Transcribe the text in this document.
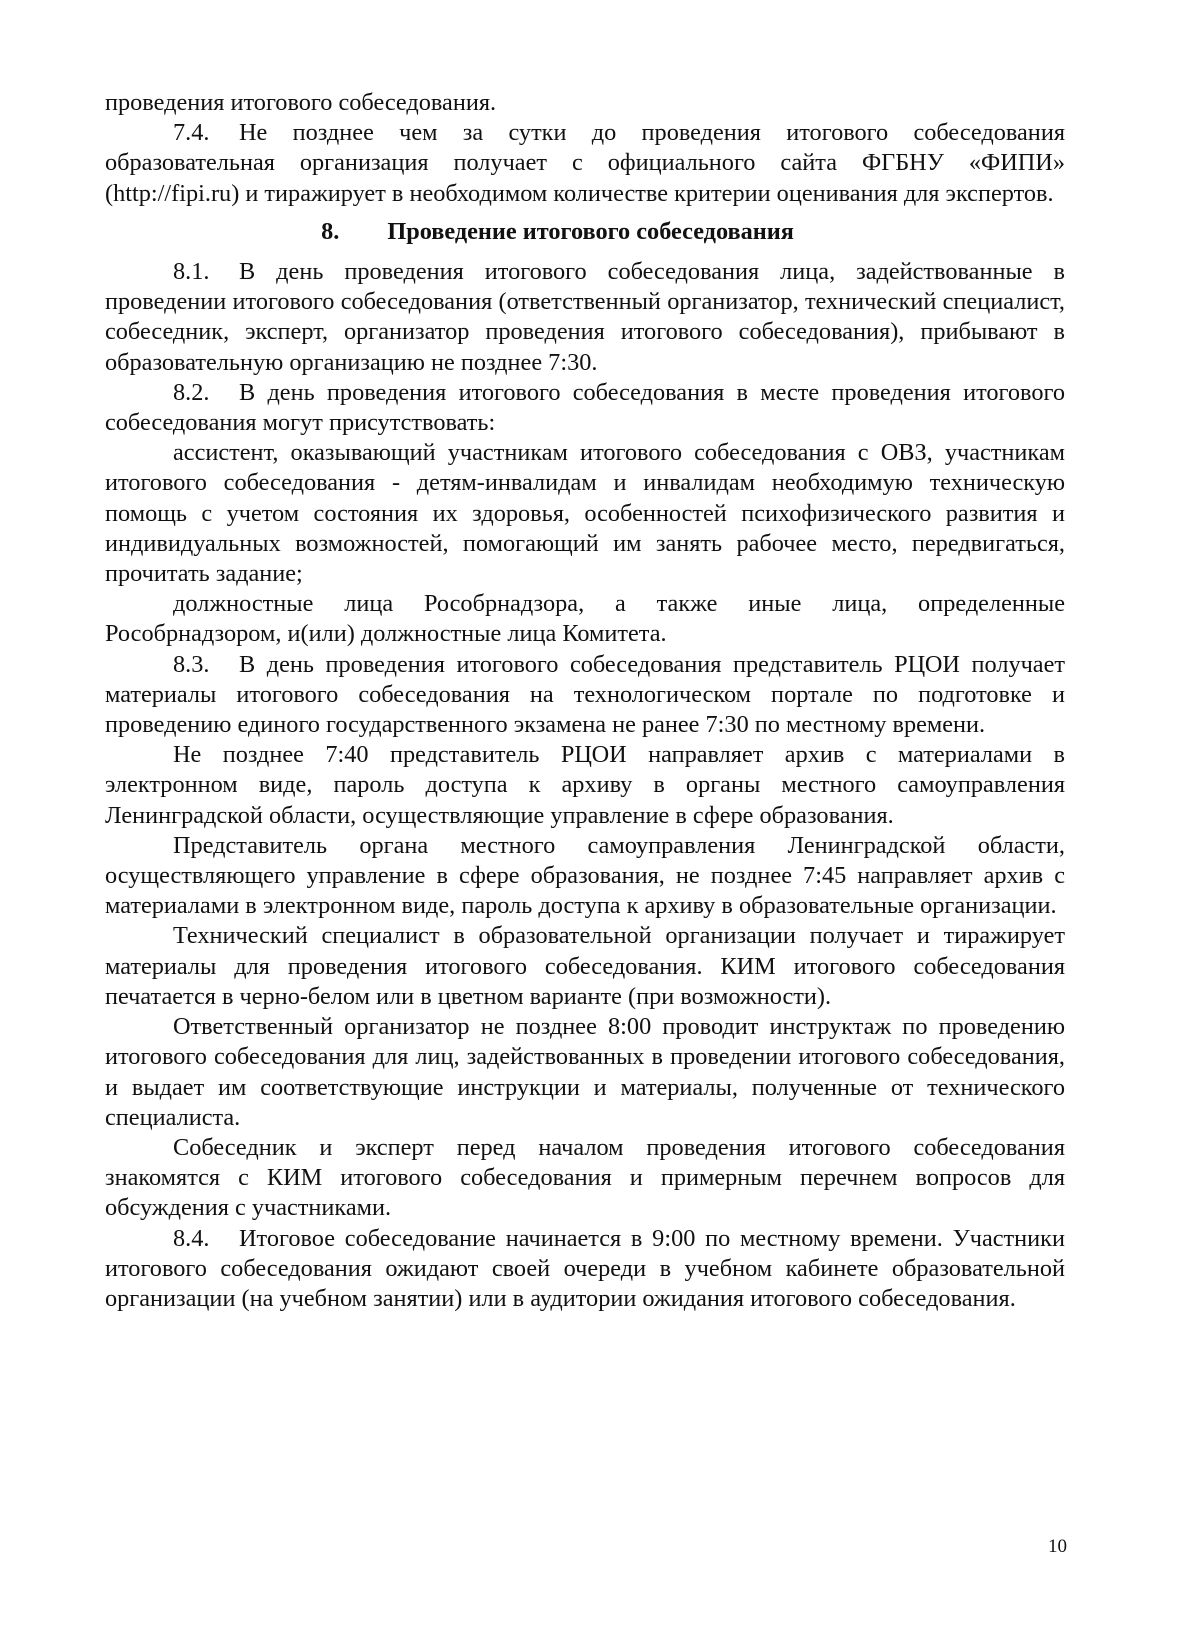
проведения итогового собеседования.

7.4. Не позднее чем за сутки до проведения итогового собеседования образовательная организация получает с официального сайта ФГБНУ «ФИПИ» (http://fipi.ru) и тиражирует в необходимом количестве критерии оценивания для экспертов.

8. Проведение итогового собеседования

8.1. В день проведения итогового собеседования лица, задействованные в проведении итогового собеседования (ответственный организатор, технический специалист, собеседник, эксперт, организатор проведения итогового собеседования), прибывают в образовательную организацию не позднее 7:30.

8.2. В день проведения итогового собеседования в месте проведения итогового собеседования могут присутствовать:

ассистент, оказывающий участникам итогового собеседования с ОВЗ, участникам итогового собеседования - детям-инвалидам и инвалидам необходимую техническую помощь с учетом состояния их здоровья, особенностей психофизического развития и индивидуальных возможностей, помогающий им занять рабочее место, передвигаться, прочитать задание;

должностные лица Рособрнадзора, а также иные лица, определенные Рособрнадзором, и(или) должностные лица Комитета.

8.3. В день проведения итогового собеседования представитель РЦОИ получает материалы итогового собеседования на технологическом портале по подготовке и проведению единого государственного экзамена не ранее 7:30 по местному времени.

Не позднее 7:40 представитель РЦОИ направляет архив с материалами в электронном виде, пароль доступа к архиву в органы местного самоуправления Ленинградской области, осуществляющие управление в сфере образования.

Представитель органа местного самоуправления Ленинградской области, осуществляющего управление в сфере образования, не позднее 7:45 направляет архив с материалами в электронном виде, пароль доступа к архиву в образовательные организации.

Технический специалист в образовательной организации получает и тиражирует материалы для проведения итогового собеседования. КИМ итогового собеседования печатается в черно-белом или в цветном варианте (при возможности).

Ответственный организатор не позднее 8:00 проводит инструктаж по проведению итогового собеседования для лиц, задействованных в проведении итогового собеседования, и выдает им соответствующие инструкции и материалы, полученные от технического специалиста.

Собеседник и эксперт перед началом проведения итогового собеседования знакомятся с КИМ итогового собеседования и примерным перечнем вопросов для обсуждения с участниками.

8.4. Итоговое собеседование начинается в 9:00 по местному времени. Участники итогового собеседования ожидают своей очереди в учебном кабинете образовательной организации (на учебном занятии) или в аудитории ожидания итогового собеседования.

10
